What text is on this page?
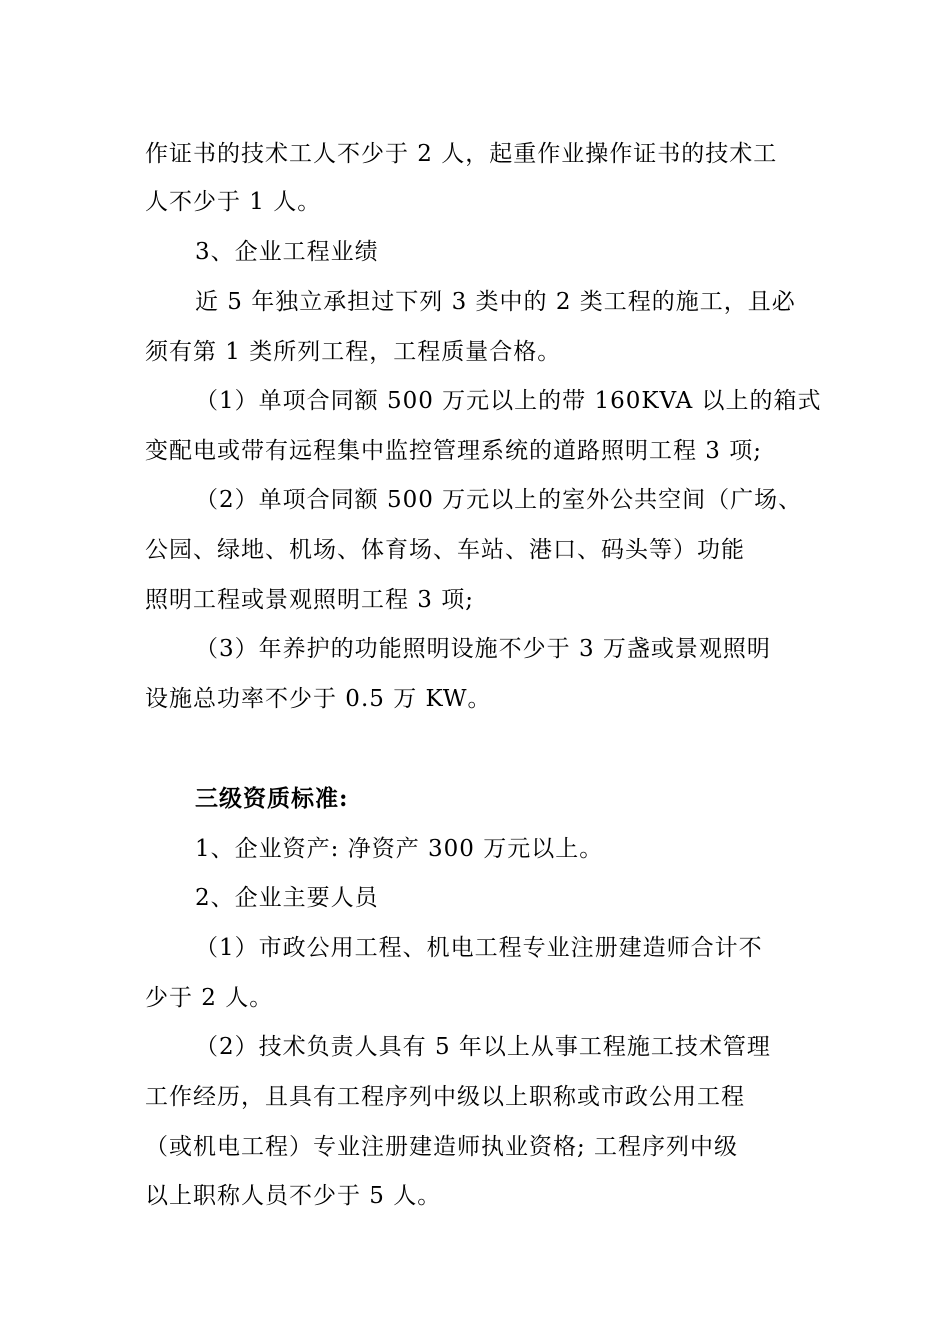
作证书的技术工人不少于 2 人，起重作业操作证书的技术工
人不少于 1 人。
3、企业工程业绩
近 5 年独立承担过下列 3 类中的 2 类工程的施工，且必
须有第 1 类所列工程，工程质量合格。
（1）单项合同额 500 万元以上的带 160KVA 以上的箱式
变配电或带有远程集中监控管理系统的道路照明工程 3 项;
（2）单项合同额 500 万元以上的室外公共空间（广场、
公园、绿地、机场、体育场、车站、港口、码头等）功能
照明工程或景观照明工程 3 项;
（3）年养护的功能照明设施不少于 3 万盏或景观照明
设施总功率不少于 0.5 万 KW。
三级资质标准:
1、企业资产: 净资产 300 万元以上。
2、企业主要人员
（1）市政公用工程、机电工程专业注册建造师合计不
少于 2 人。
（2）技术负责人具有 5 年以上从事工程施工技术管理
工作经历，且具有工程序列中级以上职称或市政公用工程
（或机电工程）专业注册建造师执业资格; 工程序列中级
以上职称人员不少于 5 人。
